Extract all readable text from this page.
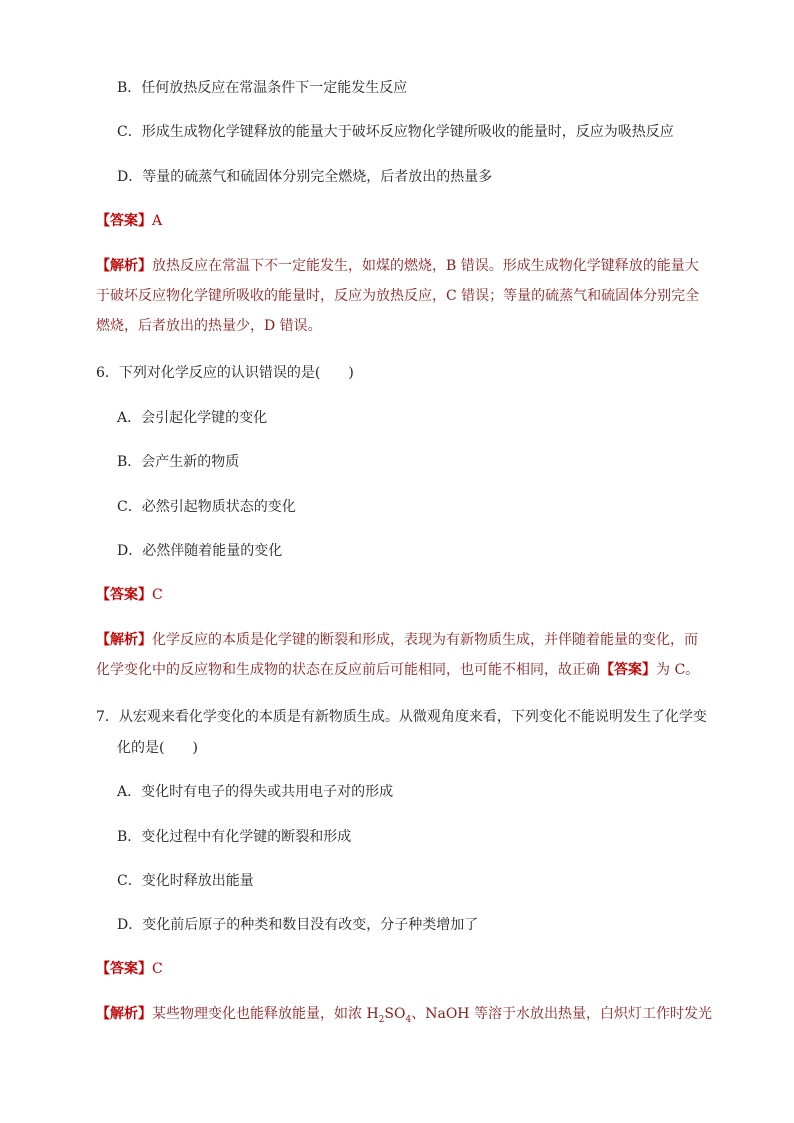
B．任何放热反应在常温条件下一定能发生反应
C．形成生成物化学键释放的能量大于破坏反应物化学键所吸收的能量时，反应为吸热反应
D．等量的硫蒸气和硫固体分别完全燃烧，后者放出的热量多
【答案】A
【解析】放热反应在常温下不一定能发生，如煤的燃烧，B 错误。形成生成物化学键释放的能量大
于破坏反应物化学键所吸收的能量时，反应为放热反应，C 错误；等量的硫蒸气和硫固体分别完全
燃烧，后者放出的热量少，D 错误。
6．下列对化学反应的认识错误的是(　　)
A．会引起化学键的变化
B．会产生新的物质
C．必然引起物质状态的变化
D．必然伴随着能量的变化
【答案】C
【解析】化学反应的本质是化学键的断裂和形成，表现为有新物质生成，并伴随着能量的变化，而
化学变化中的反应物和生成物的状态在反应前后可能相同，也可能不相同，故正确【答案】为 C。
7．从宏观来看化学变化的本质是有新物质生成。从微观角度来看，下列变化不能说明发生了化学变
化的是(　　)
A．变化时有电子的得失或共用电子对的形成
B．变化过程中有化学键的断裂和形成
C．变化时释放出能量
D．变化前后原子的种类和数目没有改变，分子种类增加了
【答案】C
【解析】某些物理变化也能释放能量，如浓 $H_2SO_4$、NaOH 等溶于水放出热量，白炽灯工作时发光
